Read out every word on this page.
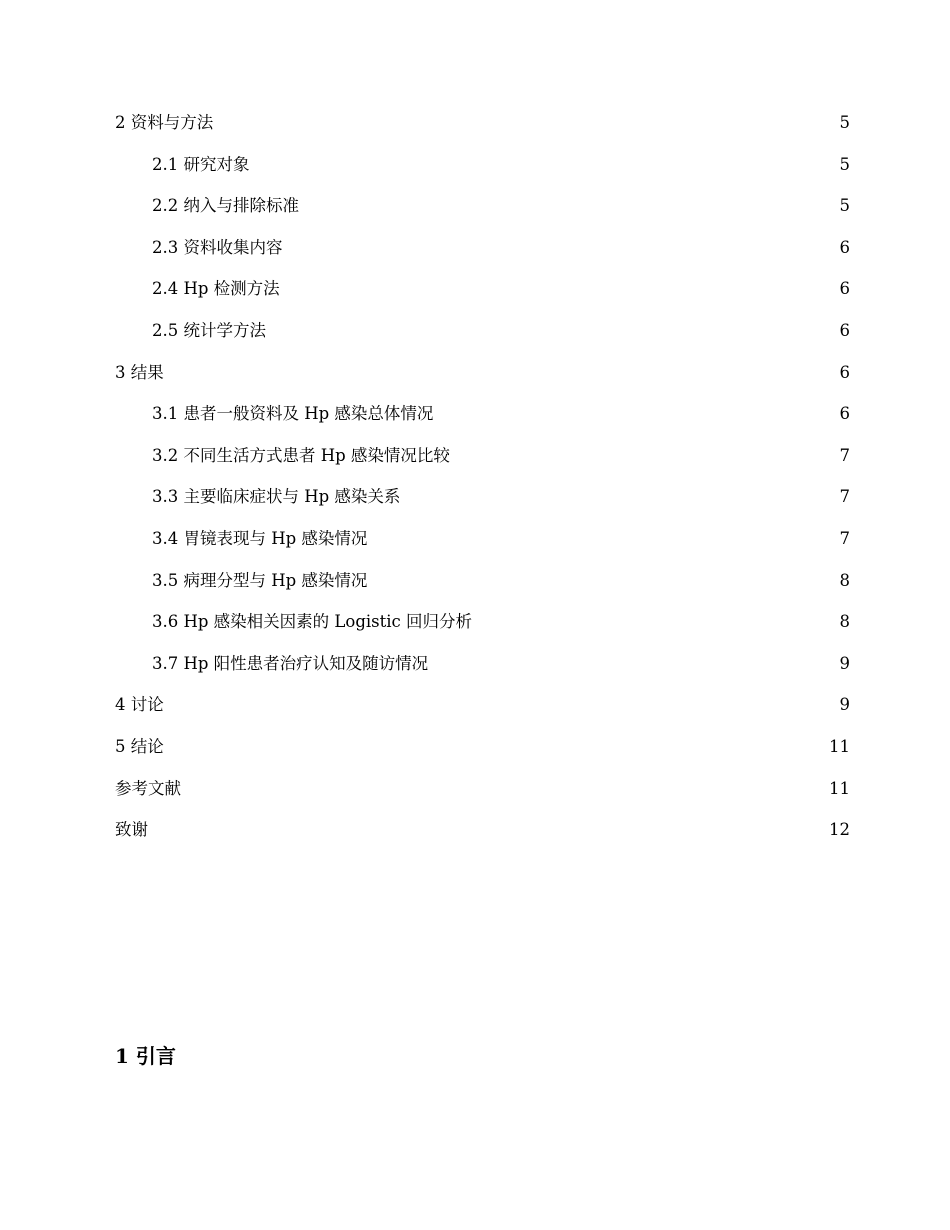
2 资料与方法	5
2.1 研究对象	5
2.2 纳入与排除标准	5
2.3 资料收集内容	6
2.4 Hp 检测方法	6
2.5 统计学方法	6
3 结果	6
3.1 患者一般资料及 Hp 感染总体情况	6
3.2 不同生活方式患者 Hp 感染情况比较	7
3.3 主要临床症状与 Hp 感染关系	7
3.4 胃镜表现与 Hp 感染情况	7
3.5 病理分型与 Hp 感染情况	8
3.6 Hp 感染相关因素的 Logistic 回归分析	8
3.7 Hp 阳性患者治疗认知及随访情况	9
4 讨论	9
5 结论	11
参考文献	11
致谢	12
1 引言
